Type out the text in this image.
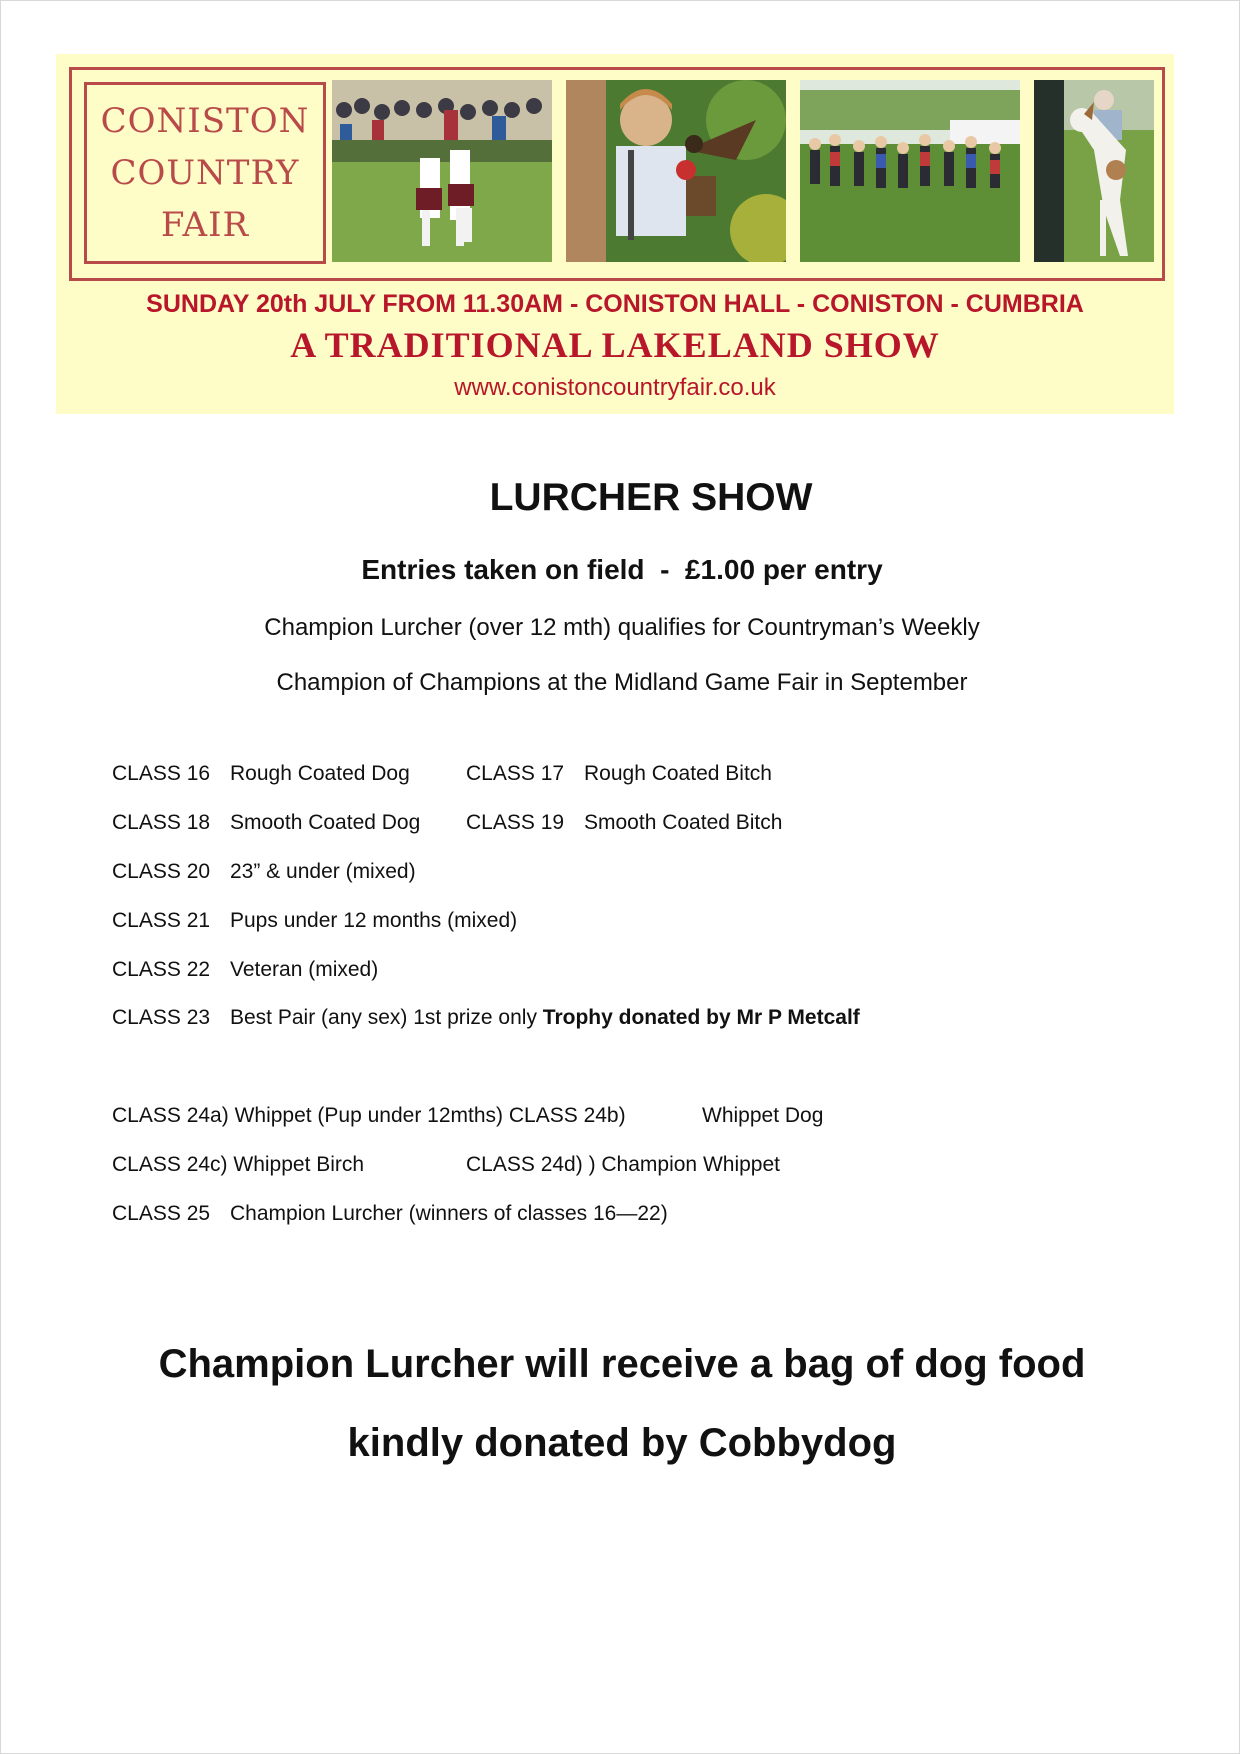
CONISTON
COUNTRY
FAIR
SUNDAY 20th JULY FROM 11.30AM - CONISTON HALL - CONISTON - CUMBRIA
A TRADITIONAL LAKELAND SHOW
www.conistoncountryfair.co.uk
LURCHER SHOW
Entries taken on field  -  £1.00 per entry
Champion Lurcher (over 12 mth) qualifies for Countryman’s Weekly
Champion of Champions at the Midland Game Fair in September
CLASS 16 Rough Coated Dog	CLASS 17 Rough Coated Bitch
CLASS 18 Smooth Coated Dog CLASS 19 Smooth Coated Bitch
CLASS 20 23” & under (mixed)
CLASS 21 Pups under 12 months (mixed)
CLASS 22 Veteran (mixed)
CLASS 23 Best Pair (any sex) 1st prize only Trophy donated by Mr P Metcalf
CLASS 24a) Whippet (Pup under 12mths) CLASS 24b)	Whippet Dog
CLASS 24c) Whippet Birch	CLASS 24d) ) Champion Whippet
CLASS 25 Champion Lurcher (winners of classes 16—22)
Champion Lurcher will receive a bag of dog food
kindly donated by Cobbydog
